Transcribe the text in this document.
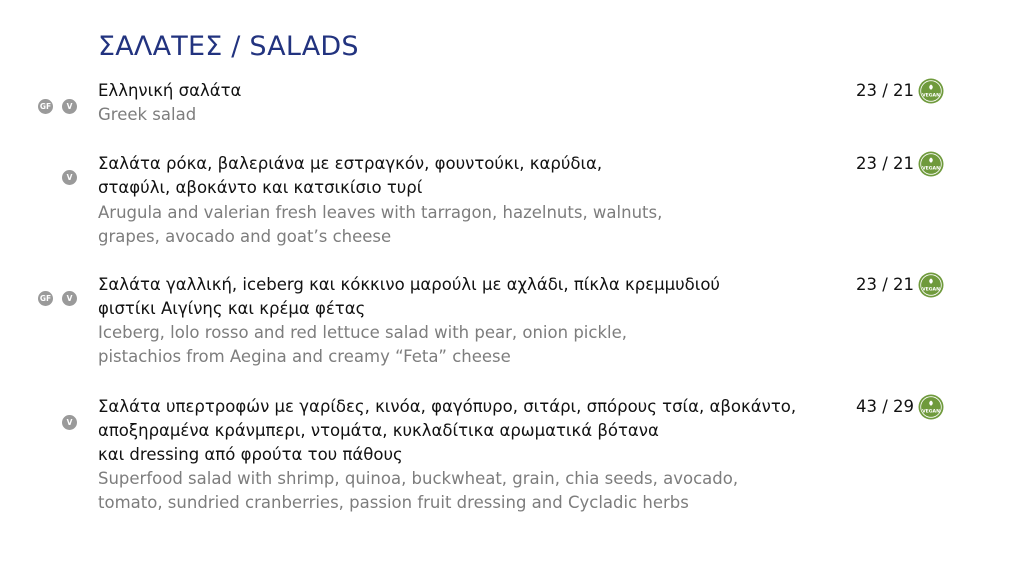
ΣΑΛΑΤΕΣ / SALADS
Ελληνική σαλάτα
Greek salad
GF	V
23 / 21 VEGAN
Σαλάτα ρόκα, βαλεριάνα με εστραγκόν, φουντούκι, καρύδια,
σταφύλι, αβοκάντο και κατσικίσιο τυρί
Arugula and valerian fresh leaves with tarragon, hazelnuts, walnuts,
grapes, avocado and goat’s cheese
V
23 / 21 VEGAN
Σαλάτα γαλλική, iceberg και κόκκινο μαρούλι με αχλάδι, πίκλα κρεμμυδιού
φιστίκι Αιγίνης και κρέμα φέτας
Iceberg, lolo rosso and red lettuce salad with pear, onion pickle,
pistachios from Aegina and creamy “Feta” cheese
GF	V
23 / 21 VEGAN
Σαλάτα υπερτροφών με γαρίδες, κινόα, φαγόπυρο, σιτάρι, σπόρους τσία, αβοκάντο,
αποξηραμένα κράνμπερι, ντομάτα, κυκλαδίτικα αρωματικά βότανα
και dressing από φρούτα του πάθους
Superfood salad with shrimp, quinoa, buckwheat, grain, chia seeds, avocado,
tomato, sundried cranberries, passion fruit dressing and Cycladic herbs
V
43 / 29 VEGAN
